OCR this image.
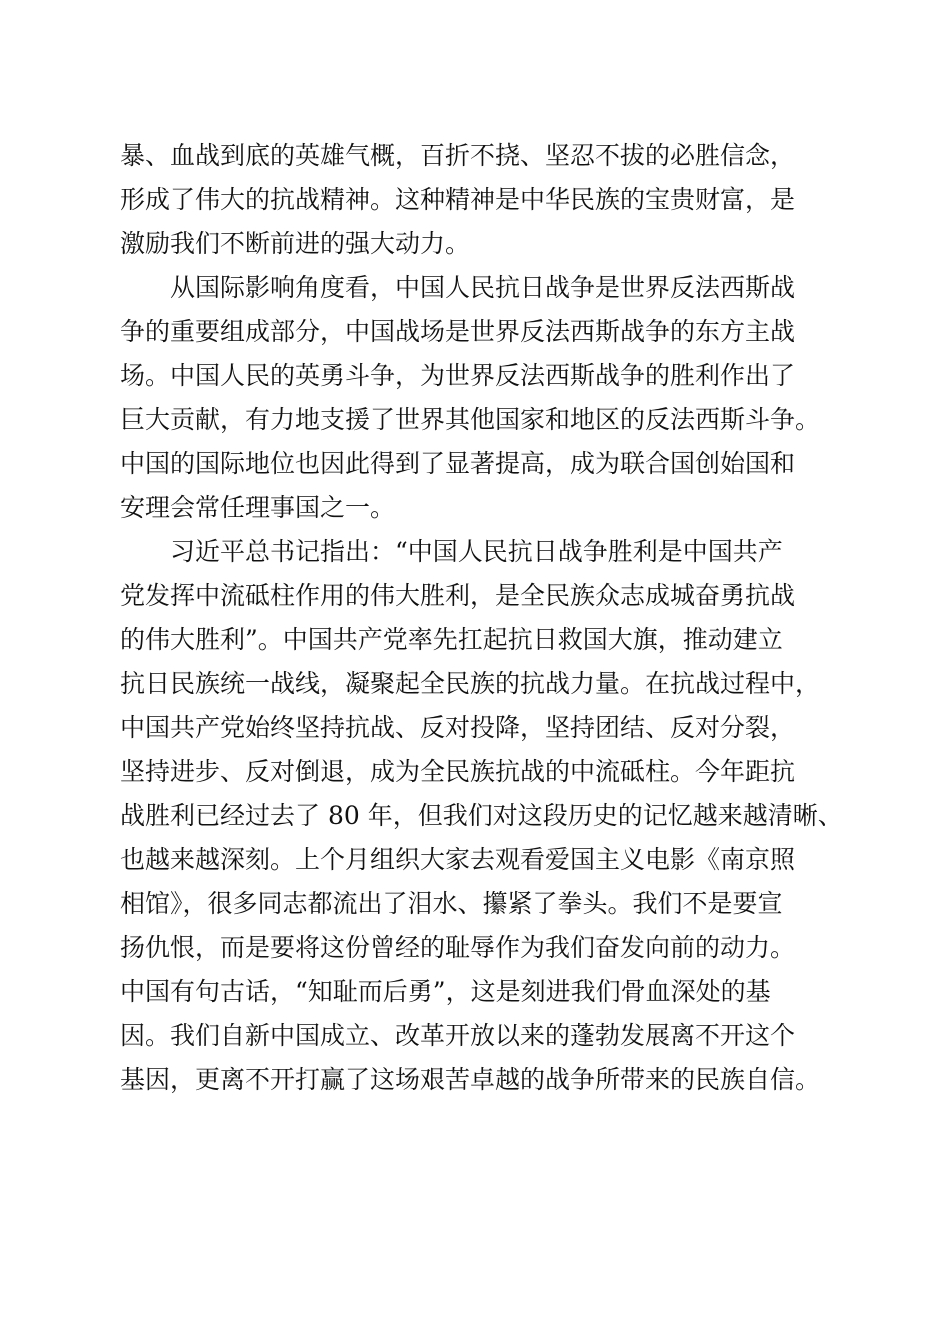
暴、血战到底的英雄气概，百折不挠、坚忍不拔的必胜信念，
形成了伟大的抗战精神。这种精神是中华民族的宝贵财富，是
激励我们不断前进的强大动力。
　　从国际影响角度看，中国人民抗日战争是世界反法西斯战
争的重要组成部分，中国战场是世界反法西斯战争的东方主战
场。中国人民的英勇斗争，为世界反法西斯战争的胜利作出了
巨大贡献，有力地支援了世界其他国家和地区的反法西斯斗争。
中国的国际地位也因此得到了显著提高，成为联合国创始国和
安理会常任理事国之一。
　　习近平总书记指出：“中国人民抗日战争胜利是中国共产
党发挥中流砥柱作用的伟大胜利，是全民族众志成城奋勇抗战
的伟大胜利”。中国共产党率先扛起抗日救国大旗，推动建立
抗日民族统一战线，凝聚起全民族的抗战力量。在抗战过程中，
中国共产党始终坚持抗战、反对投降，坚持团结、反对分裂，
坚持进步、反对倒退，成为全民族抗战的中流砥柱。今年距抗
战胜利已经过去了 80 年，但我们对这段历史的记忆越来越清晰、
也越来越深刻。上个月组织大家去观看爱国主义电影《南京照
相馆》，很多同志都流出了泪水、攥紧了拳头。我们不是要宣
扬仇恨，而是要将这份曾经的耻辱作为我们奋发向前的动力。
中国有句古话，“知耻而后勇”，这是刻进我们骨血深处的基
因。我们自新中国成立、改革开放以来的蓬勃发展离不开这个
基因，更离不开打赢了这场艰苦卓越的战争所带来的民族自信。
